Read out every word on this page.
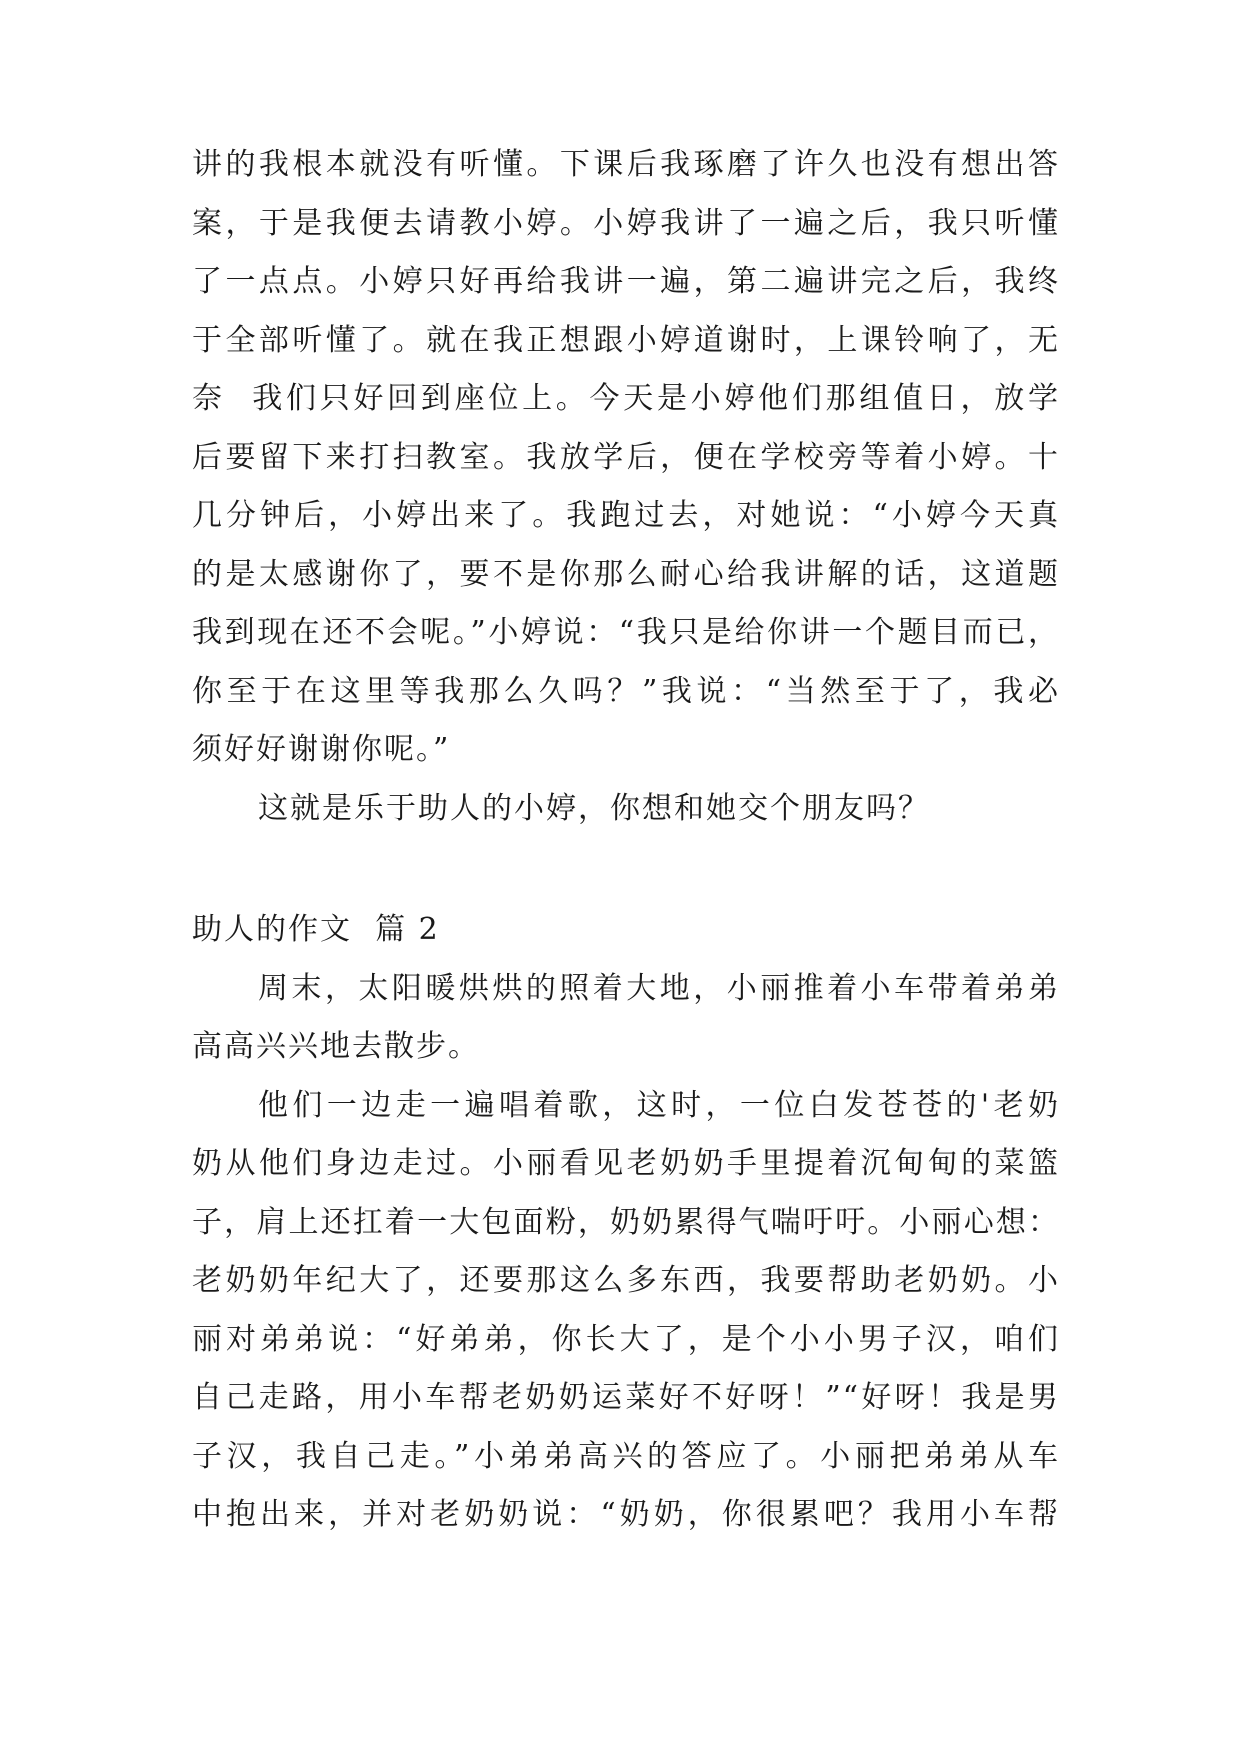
讲的我根本就没有听懂。下课后我琢磨了许久也没有想出答
案，于是我便去请教小婷。小婷我讲了一遍之后，我只听懂
了一点点。小婷只好再给我讲一遍，第二遍讲完之后，我终
于全部听懂了。就在我正想跟小婷道谢时，上课铃响了，无
奈  我们只好回到座位上。今天是小婷他们那组值日，放学
后要留下来打扫教室。我放学后，便在学校旁等着小婷。十
几分钟后，小婷出来了。我跑过去，对她说：“小婷今天真
的是太感谢你了，要不是你那么耐心给我讲解的话，这道题
我到现在还不会呢。”小婷说：“我只是给你讲一个题目而已，
你至于在这里等我那么久吗？”我说：“当然至于了，我必
须好好谢谢你呢。”
这就是乐于助人的小婷，你想和她交个朋友吗？
助人的作文  篇 2
周末，太阳暖烘烘的照着大地，小丽推着小车带着弟弟
高高兴兴地去散步。
他们一边走一遍唱着歌，这时，一位白发苍苍的'老奶
奶从他们身边走过。小丽看见老奶奶手里提着沉甸甸的菜篮
子，肩上还扛着一大包面粉，奶奶累得气喘吁吁。小丽心想：
老奶奶年纪大了，还要那这么多东西，我要帮助老奶奶。小
丽对弟弟说：“好弟弟，你长大了，是个小小男子汉，咱们
自己走路，用小车帮老奶奶运菜好不好呀！”“好呀！我是男
子汉，我自己走。”小弟弟高兴的答应了。小丽把弟弟从车
中抱出来，并对老奶奶说：“奶奶，你很累吧？我用小车帮
